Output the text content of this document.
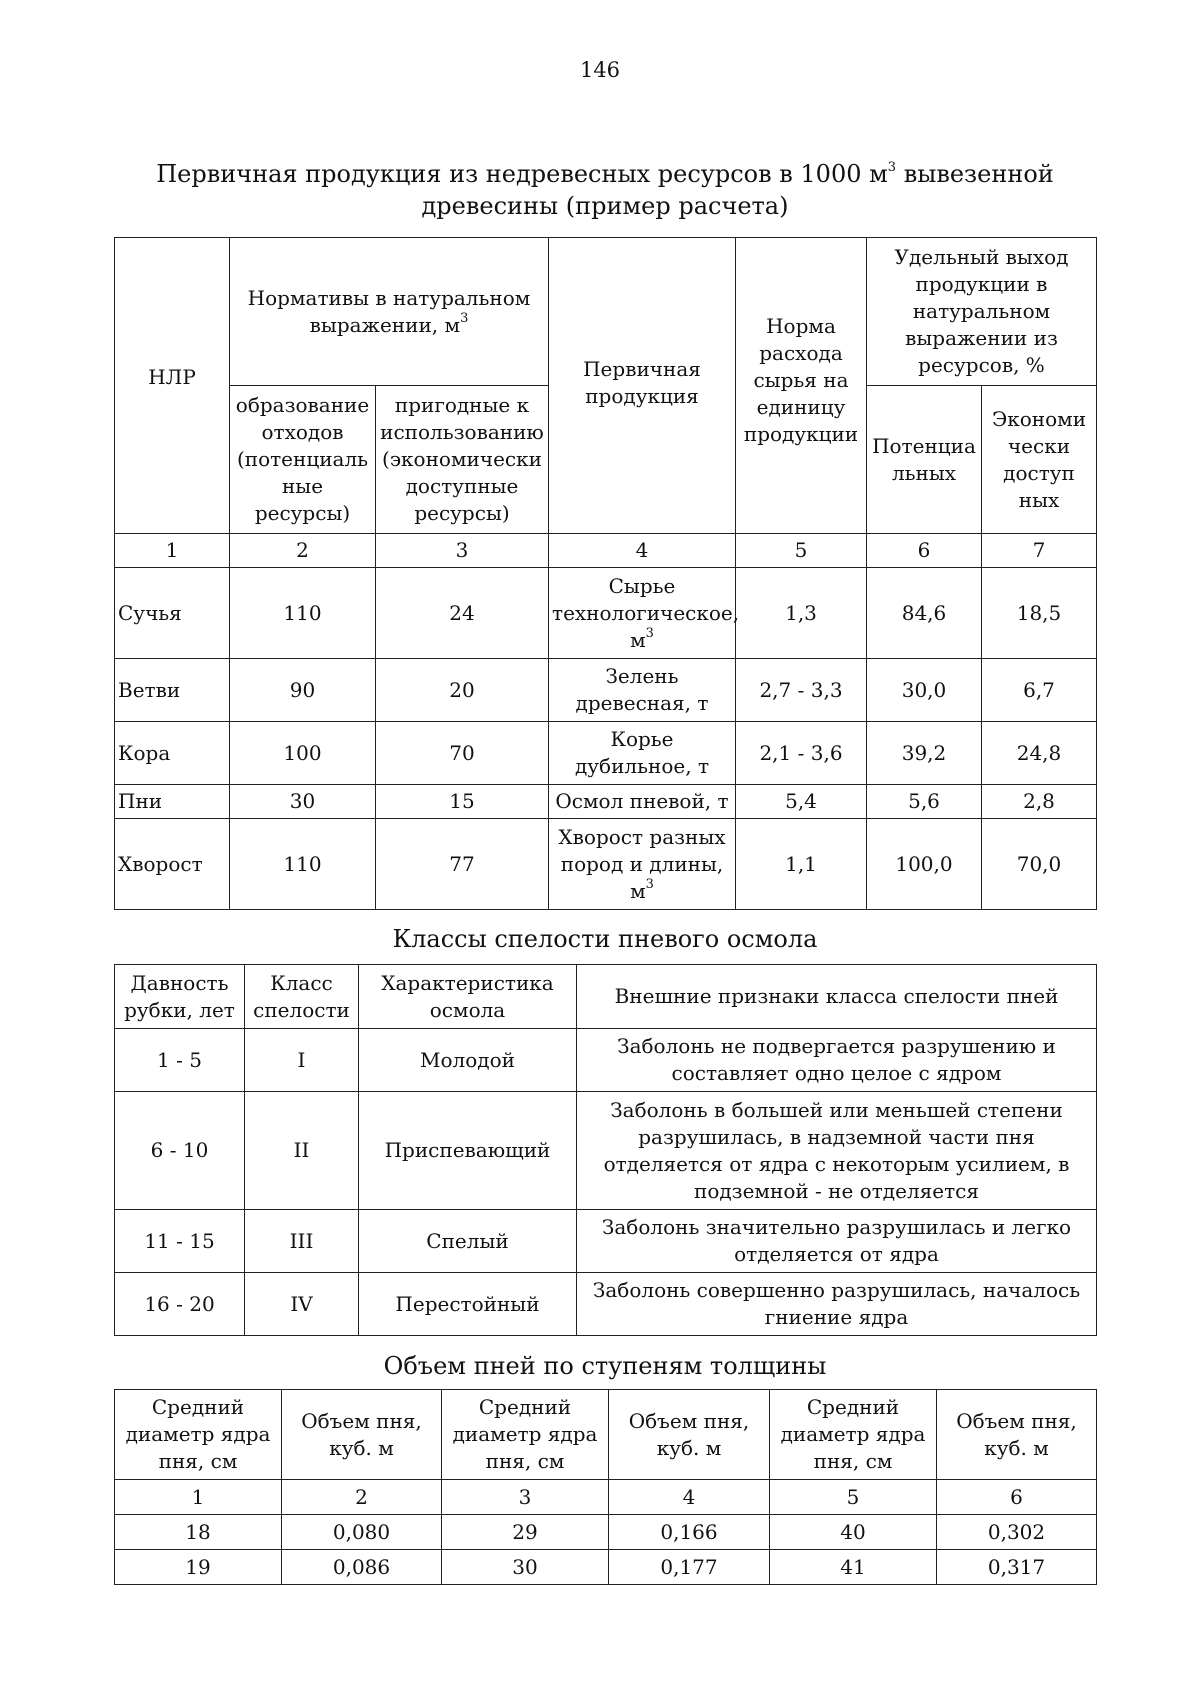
146
Первичная продукция из недревесных ресурсов в 1000 $м^3$ вывезенной
древесины (пример расчета)
НЛР	Нормативы в натуральном выражении, $м^3$		Первичная продукция	Норма расхода сырья на единицу продукции	Удельный выход продукции в натуральном выражении из ресурсов, %	
	образование отходов (потенциаль ные ресурсы)	пригодные к использованию (экономически доступные ресурсы)			Потенциа льных	Экономи чески доступ ных
1	2	3	4	5	6	7
Сучья	110	24	Сырье технологическое, $м^3$	1,3	84,6	18,5
Ветви	90	20	Зелень древесная, т	2,7 - 3,3	30,0	6,7
Кора	100	70	Корье дубильное, т	2,1 - 3,6	39,2	24,8
Пни	30	15	Осмол пневой, т	5,4	5,6	2,8
Хворост	110	77	Хворост разных пород и длины, $м^3$	1,1	100,0	70,0
Классы спелости пневого осмола
Давность рубки, лет	Класс спелости	Характеристика осмола	Внешние признаки класса спелости пней
1 - 5	I	Молодой	Заболонь не подвергается разрушению и составляет одно целое с ядром
6 - 10	II	Приспевающий	Заболонь в большей или меньшей степени разрушилась, в надземной части пня отделяется от ядра с некоторым усилием, в подземной - не отделяется
11 - 15	III	Спелый	Заболонь значительно разрушилась и легко отделяется от ядра
16 - 20	IV	Перестойный	Заболонь совершенно разрушилась, началось гниение ядра
Объем пней по ступеням толщины
Средний диаметр ядра пня, см	Объем пня, куб. м	Средний диаметр ядра пня, см	Объем пня, куб. м	Средний диаметр ядра пня, см	Объем пня, куб. м
1	2	3	4	5	6
18	0,080	29	0,166	40	0,302
19	0,086	30	0,177	41	0,317
